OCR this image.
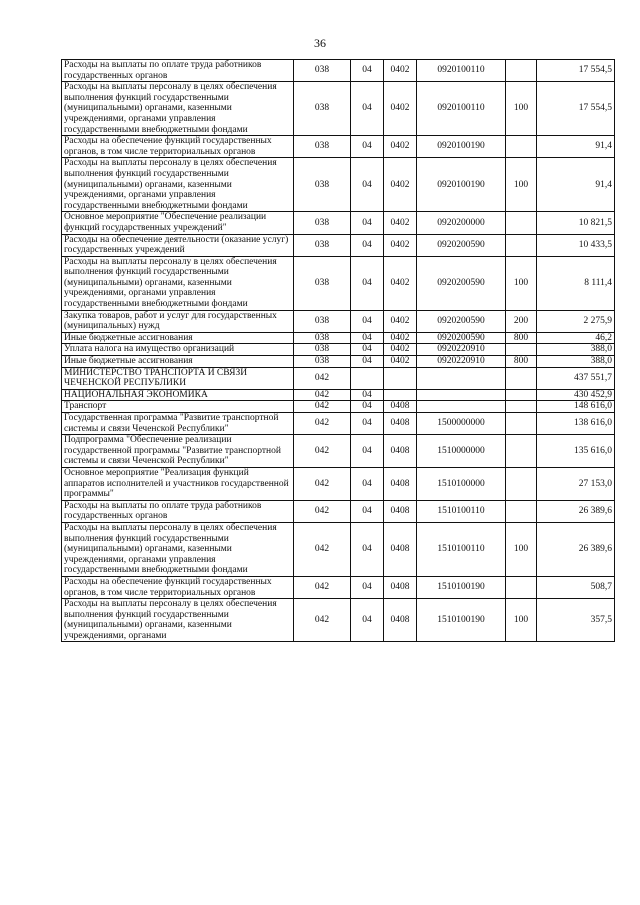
36
Расходы на выплаты по оплате труда работников государственных органов	038	04	0402	0920100110		17 554,5
Расходы на выплаты персоналу в целях обеспечения выполнения функций государственными (муниципальными) органами, казенными учреждениями, органами управления государственными внебюджетными фондами	038	04	0402	0920100110	100	17 554,5
Расходы на обеспечение функций государственных органов, в том числе территориальных органов	038	04	0402	0920100190		91,4
Расходы на выплаты персоналу в целях обеспечения выполнения функций государственными (муниципальными) органами, казенными учреждениями, органами управления государственными внебюджетными фондами	038	04	0402	0920100190	100	91,4
Основное мероприятие "Обеспечение реализации функций государственных учреждений"	038	04	0402	0920200000		10 821,5
Расходы на обеспечение деятельности (оказание услуг) государственных учреждений	038	04	0402	0920200590		10 433,5
Расходы на выплаты персоналу в целях обеспечения выполнения функций государственными (муниципальными) органами, казенными учреждениями, органами управления государственными внебюджетными фондами	038	04	0402	0920200590	100	8 111,4
Закупка товаров, работ и услуг для государственных (муниципальных) нужд	038	04	0402	0920200590	200	2 275,9
Иные бюджетные ассигнования	038	04	0402	0920200590	800	46,2
Уплата налога на имущество организаций	038	04	0402	0920220910		388,0
Иные бюджетные ассигнования	038	04	0402	0920220910	800	388,0
МИНИСТЕРСТВО ТРАНСПОРТА И СВЯЗИ ЧЕЧЕНСКОЙ РЕСПУБЛИКИ	042					437 551,7
НАЦИОНАЛЬНАЯ ЭКОНОМИКА	042	04				430 452,9
Транспорт	042	04	0408			148 616,0
Государственная программа "Развитие транспортной системы и связи Чеченской Республики"	042	04	0408	1500000000		138 616,0
Подпрограмма "Обеспечение реализации государственной программы "Развитие транспортной системы и связи Чеченской Республики"	042	04	0408	1510000000		135 616,0
Основное мероприятие "Реализация функций аппаратов исполнителей и участников государственной программы"	042	04	0408	1510100000		27 153,0
Расходы на выплаты по оплате труда работников государственных органов	042	04	0408	1510100110		26 389,6
Расходы на выплаты персоналу в целях обеспечения выполнения функций государственными (муниципальными) органами, казенными учреждениями, органами управления государственными внебюджетными фондами	042	04	0408	1510100110	100	26 389,6
Расходы на обеспечение функций государственных органов, в том числе территориальных органов	042	04	0408	1510100190		508,7
Расходы на выплаты персоналу в целях обеспечения выполнения функций государственными (муниципальными) органами, казенными учреждениями, органами	042	04	0408	1510100190	100	357,5
